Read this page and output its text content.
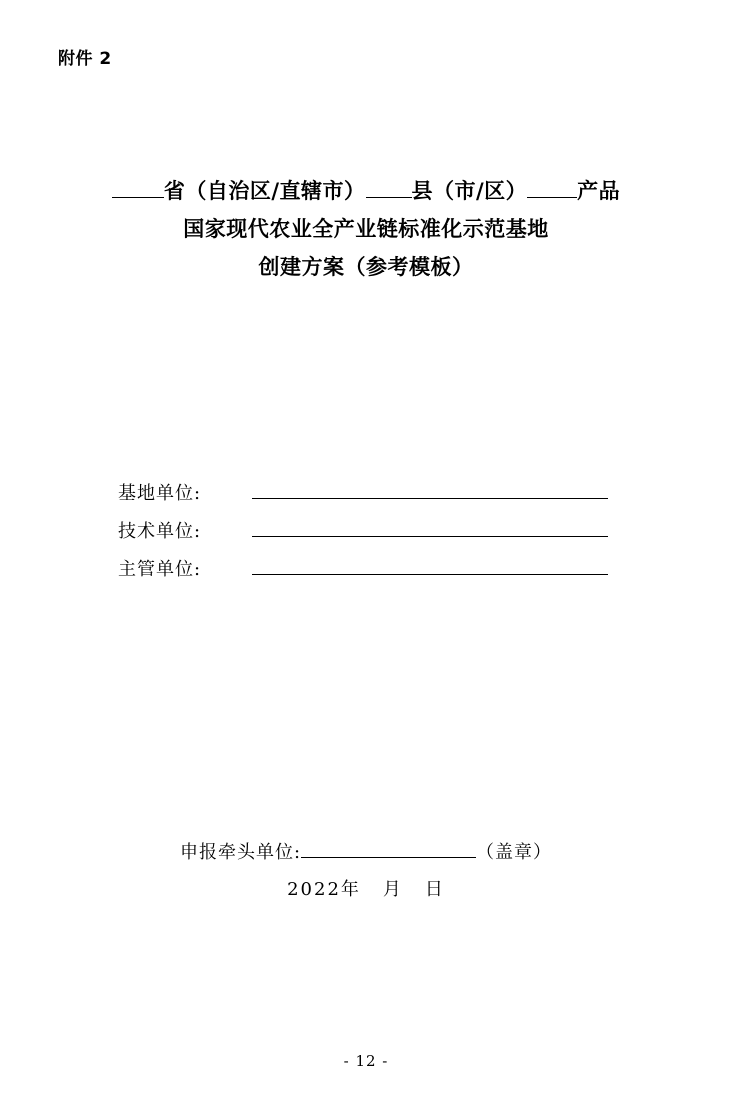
附件 2
省（自治区/直辖市） 县（市/区） 产品
国家现代农业全产业链标准化示范基地
创建方案（参考模板）
基地单位:
技术单位:
主管单位:
申报牵头单位:	（盖章）
2022年 月 日
- 12 -
